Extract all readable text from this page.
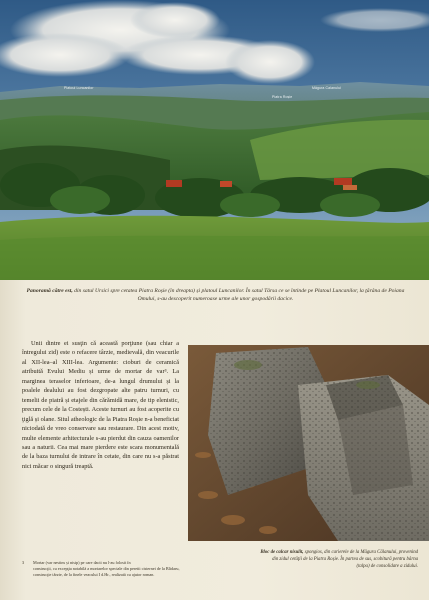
Platoul Luncanilor
Piatra Roșie
Mâgura Calanului
Panoramă către est, din satul Ursici spre cetatea Piatra Roșie (în dreapta) și platoul Luncanilor. În satul Târsa ce se întinde pe Platoul Luncanilor, la ţărâna de Poiana Omului, s-au descoperit numeroase urme ale unor gospodării dacice.
Unii dintre ei susţin că această porţiune (sau chiar a întregului zid) este o refacere târzie, medievală, din veacurile al XII-lea–al XIII-lea. Argumente: cioburi de ceramică atribuită Evului Mediu și urme de mortar de var³. La marginea teraselor inferioare, de-a lungul drumului și la poalele dealului au fost dezgropate alte patru turnuri, cu temelii de piatră și etajele din cărămidă mare, de tip elenistic, precum cele de la Costești. Aceste turnuri au fost acoperite cu ţiglă și olane. Situl atheologic de la Piatra Roșie n-a beneficiat niciodată de vreo conservare sau restaurare. Din acest motiv, multe elemente arhitecturale s-au pierdut din cauza oamenilor sau a naturii. Cea mai mare pierdere este scara monumentală de la baza turnului de intrare în cetate, din care nu s-a păstrat nici măcar o singură treaptă.
3 Mortar (var nestins și nisip) pe care dacii nu l-au folosit în
construcţii, cu excepţia notabilă a mortarelor speciale din peretii cisternei de la Blidaru, construcţie târzie, de la finele veacului I d.Hr., realizată cu ajutor roman.
Bloc de calcar nisulit, spongios, din carierele de la Măgura Călanului, provenind din zidul cetăţii de la Piatra Roșie. În partea de sus, scobitură pentru bârna (talpa) de consolidare a zidului.
